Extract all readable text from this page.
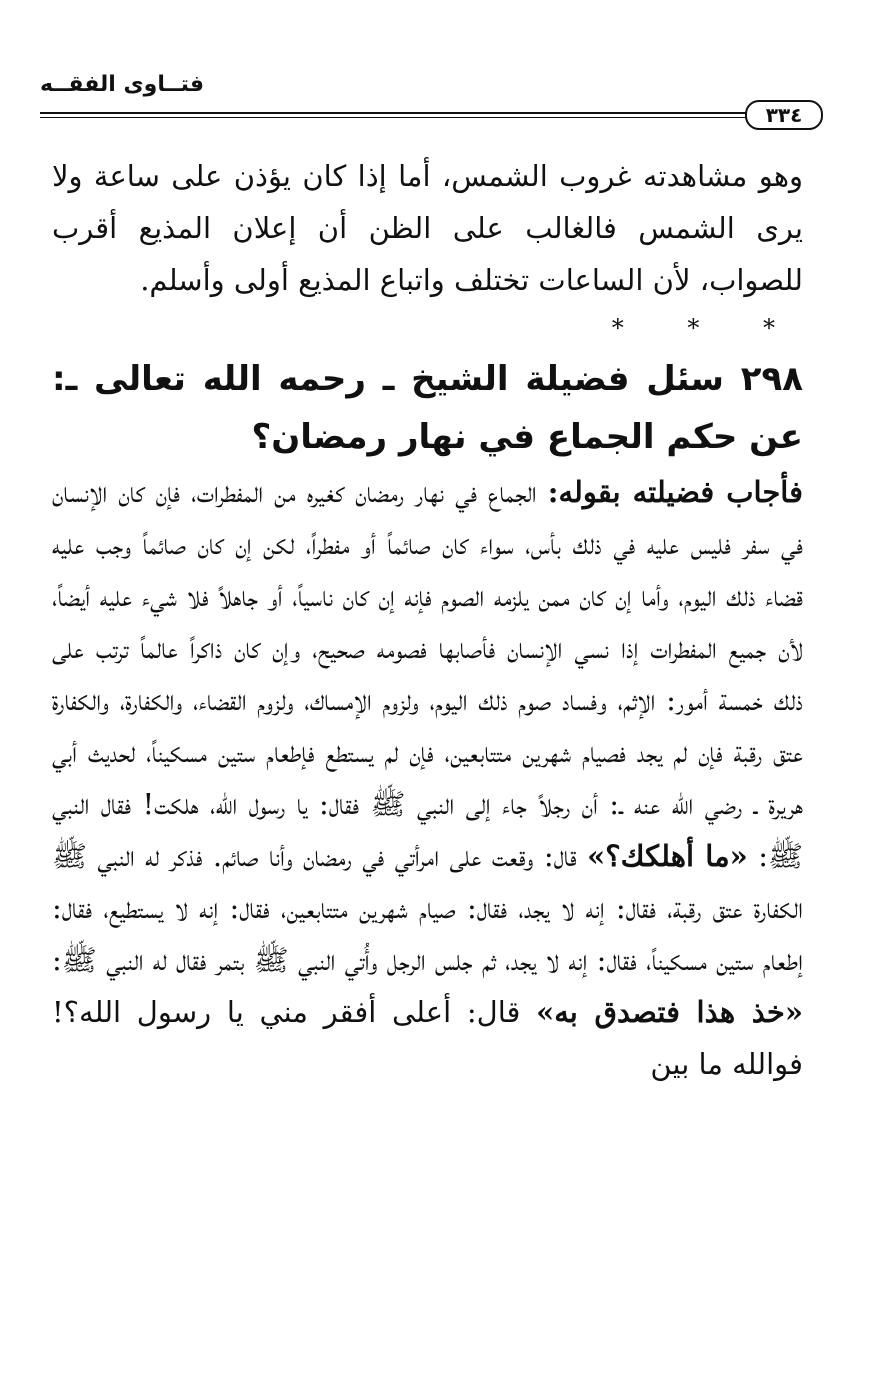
فتــاوى الفقــه
٣٣٤

وهو مشاهدته غروب الشمس، أما إذا كان يؤذن على ساعة ولا يرى الشمس فالغالب على الظن أن إعلان المذيع أقرب للصواب، لأن الساعات تختلف واتباع المذيع أولى وأسلم.

* * *

٢٩٨ سئل فضيلة الشيخ ـ رحمه الله تعالى ـ: عن حكم الجماع في نهار رمضان؟

فأجاب فضيلته بقوله: الجماع في نهار رمضان كغيره من المفطرات، فإن كان الإنسان في سفر فليس عليه في ذلك بأس، سواء كان صائماً أو مفطراً، لكن إن كان صائماً وجب عليه قضاء ذلك اليوم، وأما إن كان ممن يلزمه الصوم فإنه إن كان ناسياً، أو جاهلاً فلا شيء عليه أيضاً، لأن جميع المفطرات إذا نسي الإنسان فأصابها فصومه صحيح، وإن كان ذاكراً عالماً ترتب على ذلك خمسة أمور: الإثم، وفساد صوم ذلك اليوم، ولزوم الإمساك، ولزوم القضاء، والكفارة، والكفارة عتق رقبة فإن لم يجد فصيام شهرين متتابعين، فإن لم يستطع فإطعام ستين مسكيناً، لحديث أبي هريرة ـ رضي الله عنه ـ: أن رجلاً جاء إلى النبي ﷺ فقال: يا رسول الله، هلكت! فقال النبي ﷺ: «ما أهلكك؟» قال: وقعت على امرأتي في رمضان وأنا صائم. فذكر له النبي ﷺ الكفارة عتق رقبة، فقال: إنه لا يجد، فقال: صيام شهرين متتابعين، فقال: إنه لا يستطيع، فقال: إطعام ستين مسكيناً، فقال: إنه لا يجد، ثم جلس الرجل وأُتي النبي ﷺ بتمر فقال له النبي ﷺ: «خذ هذا فتصدق به» قال: أعلى أفقر مني يا رسول الله؟! فوالله ما بين
